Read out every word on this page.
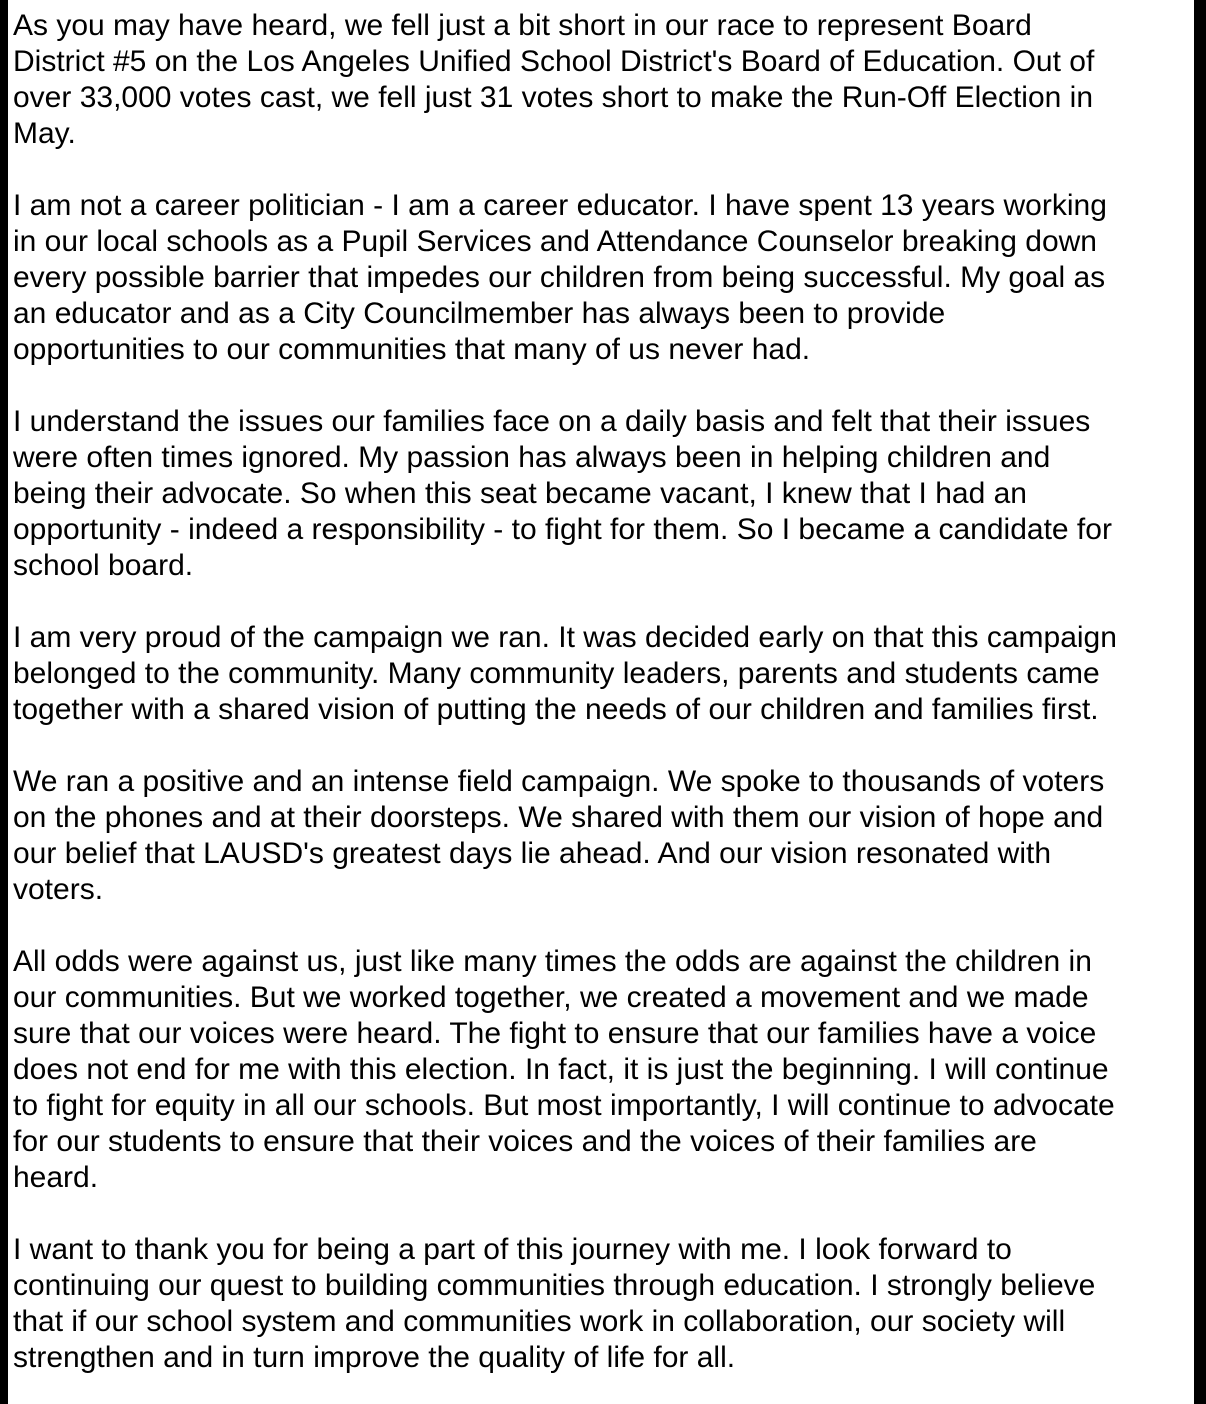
As you may have heard, we fell just a bit short in our race to represent Board
District #5 on the Los Angeles Unified School District's Board of Education. Out of
over 33,000 votes cast, we fell just 31 votes short to make the Run-Off Election in
May.

I am not a career politician - I am a career educator. I have spent 13 years working
in our local schools as a Pupil Services and Attendance Counselor breaking down
every possible barrier that impedes our children from being successful. My goal as
an educator and as a City Councilmember has always been to provide
opportunities to our communities that many of us never had.

I understand the issues our families face on a daily basis and felt that their issues
were often times ignored. My passion has always been in helping children and
being their advocate. So when this seat became vacant, I knew that I had an
opportunity - indeed a responsibility - to fight for them. So I became a candidate for
school board.

I am very proud of the campaign we ran. It was decided early on that this campaign
belonged to the community. Many community leaders, parents and students came
together with a shared vision of putting the needs of our children and families first.

We ran a positive and an intense field campaign. We spoke to thousands of voters
on the phones and at their doorsteps. We shared with them our vision of hope and
our belief that LAUSD's greatest days lie ahead. And our vision resonated with
voters.

All odds were against us, just like many times the odds are against the children in
our communities. But we worked together, we created a movement and we made
sure that our voices were heard. The fight to ensure that our families have a voice
does not end for me with this election. In fact, it is just the beginning. I will continue
to fight for equity in all our schools. But most importantly, I will continue to advocate
for our students to ensure that their voices and the voices of their families are
heard.

I want to thank you for being a part of this journey with me. I look forward to
continuing our quest to building communities through education. I strongly believe
that if our school system and communities work in collaboration, our society will
strengthen and in turn improve the quality of life for all.
